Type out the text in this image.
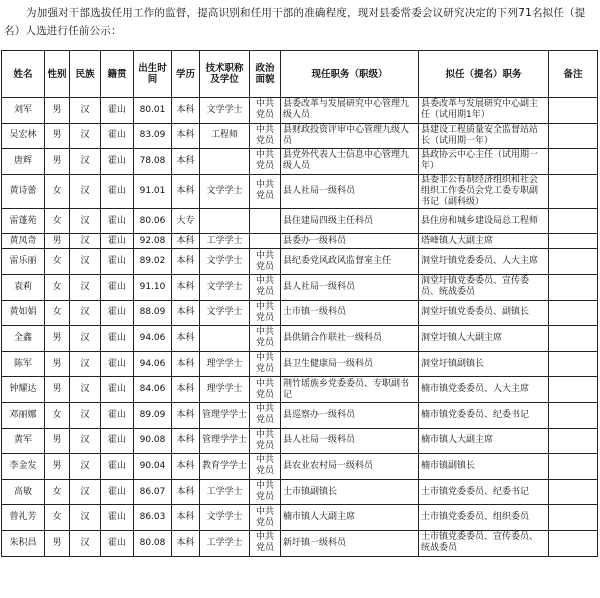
为加强对干部选拔任用工作的监督，提高识别和任用干部的准确程度，现对县委常委会议研究决定的下列71名拟任（提名）人选进行任前公示：

姓名	性别	民族	籍贯	出生时间	学历	技术职称及学位	政治面貌	现任职务（职级）	拟任（提名）职务	备注
刘军	男	汉	霍山	80.01	本科	文学学士	中共党员	县委改革与发展研究中心管理九级人员	县委改革与发展研究中心副主任（试用期1年）	
吴宏林	男	汉	霍山	83.09	本科	工程师	中共党员	县财政投资评审中心管理九级人员	县建设工程质量安全监督站站长（试用期一年）	
唐辉	男	汉	霍山	78.08	本科		中共党员	县党外代表人士信息中心管理九级人员	县政协云中心主任（试用期一年）	
黄诗蕾	女	汉	霍山	91.01	本科	文学学士	中共党员	县人社局一级科员	县委非公有制经济组织和社会组织工作委员会党工委专职副书记（副科级）	
雷蓬苑	女	汉	霍山	80.06	大专			县住建局四级主任科员	县住房和城乡建设局总工程师	
黄凤奇	男	汉	霍山	92.08	本科	工学学士		县委办一级科员	塔峰镇人大副主席	
雷乐丽	女	汉	霍山	89.02	本科	文学学士	中共党员	县纪委党风政风监督室主任	洞堂圩镇党委委员、人大主席	
袁莉	女	汉	霍山	91.10	本科	文学学士	中共党员	县人社局一级科员	洞堂圩镇党委委员、宣传委员、统战委员	
黄如娟	女	汉	霍山	88.09	本科	文学学士	中共党员	土市镇一级科员	洞堂圩镇党委委员、副镇长	
全鑫	男	汉	霍山	94.06	本科		中共党员	县供销合作联社一级科员	洞堂圩镇人大副主席	
陈军	男	汉	霍山	94.06	本科	理学学士	中共党员	县卫生健康局一级科员	洞堂圩镇副镇长	
钟耀达	男	汉	霍山	84.06	本科	理学学士	中共党员	荆竹瑶族乡党委委员、专职副书记	楠市镇党委委员、人大主席	
邓丽娜	女	汉	霍山	89.09	本科	管理学学士	中共党员	县巡察办一级科员	楠市镇党委委员、纪委书记	
黄军	男	汉	霍山	90.08	本科	管理学学士	中共党员	县人社局一级科员	楠市镇人大副主席	
李金发	男	汉	霍山	90.04	本科	教育学学士	中共党员	县农业农村局一级科员	楠市镇副镇长	
高敏	女	汉	霍山	86.07	本科	工学学士	中共党员	土市镇副镇长	土市镇党委委员、纪委书记	
曾礼芳	女	汉	霍山	86.03	本科	文学学士	中共党员	楠市镇人大副主席	土市镇党委委员、组织委员	
朱积昌	男	汉	霍山	80.08	本科	工学学士	中共党员	新圩镇一级科员	土市镇党委委员、宣传委员、统战委员	
